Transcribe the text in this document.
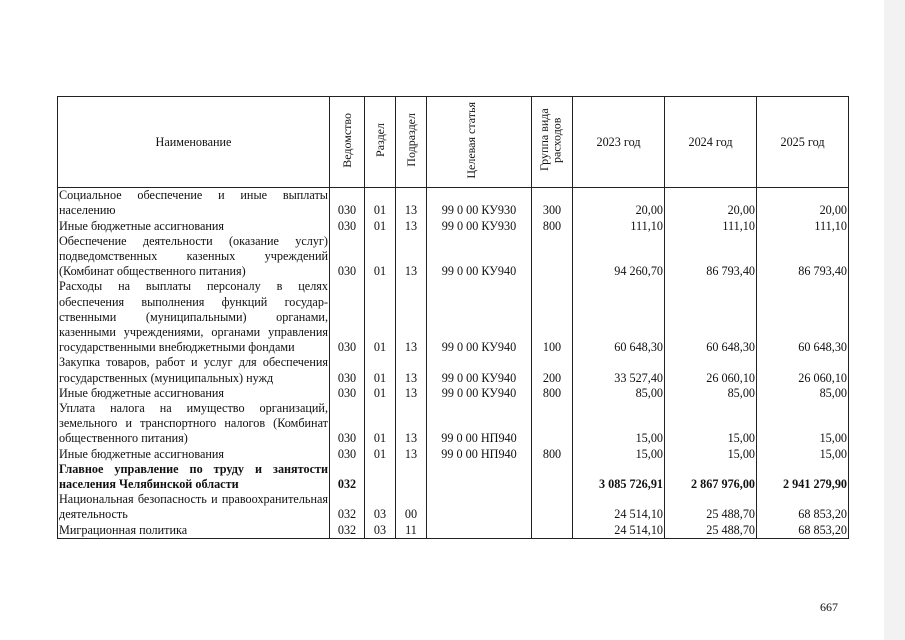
Наименование	Ведомство	Раздел	Подраздел	Целевая статья	Группа вида расходов	2023 год	2024 год	2025 год
Социальное обеспечение и иные выплаты населению	030	01	13	99 0 00 КУ930	300	20,00	20,00	20,00
Иные бюджетные ассигнования	030	01	13	99 0 00 КУ930	800	111,10	111,10	111,10
Обеспечение деятельности (оказание услуг) подведомственных казенных учреждений (Комбинат общественного питания)	030	01	13	99 0 00 КУ940		94 260,70	86 793,40	86 793,40
Расходы на выплаты персоналу в целях обеспечения выполнения функций государственными (муниципальными) органами, казенными учреждениями, органами управления государственными внебюджетными фондами	030	01	13	99 0 00 КУ940	100	60 648,30	60 648,30	60 648,30
Закупка товаров, работ и услуг для обеспечения государственных (муниципальных) нужд	030	01	13	99 0 00 КУ940	200	33 527,40	26 060,10	26 060,10
Иные бюджетные ассигнования	030	01	13	99 0 00 КУ940	800	85,00	85,00	85,00
Уплата налога на имущество организаций, земельного и транспортного налогов (Комбинат общественного питания)	030	01	13	99 0 00 НП940		15,00	15,00	15,00
Иные бюджетные ассигнования	030	01	13	99 0 00 НП940	800	15,00	15,00	15,00
Главное управление по труду и занятости населения Челябинской области	032					3 085 726,91	2 867 976,00	2 941 279,90
Национальная безопасность и правоохранительная деятельность	032	03	00			24 514,10	25 488,70	68 853,20
Миграционная политика	032	03	11			24 514,10	25 488,70	68 853,20
667
